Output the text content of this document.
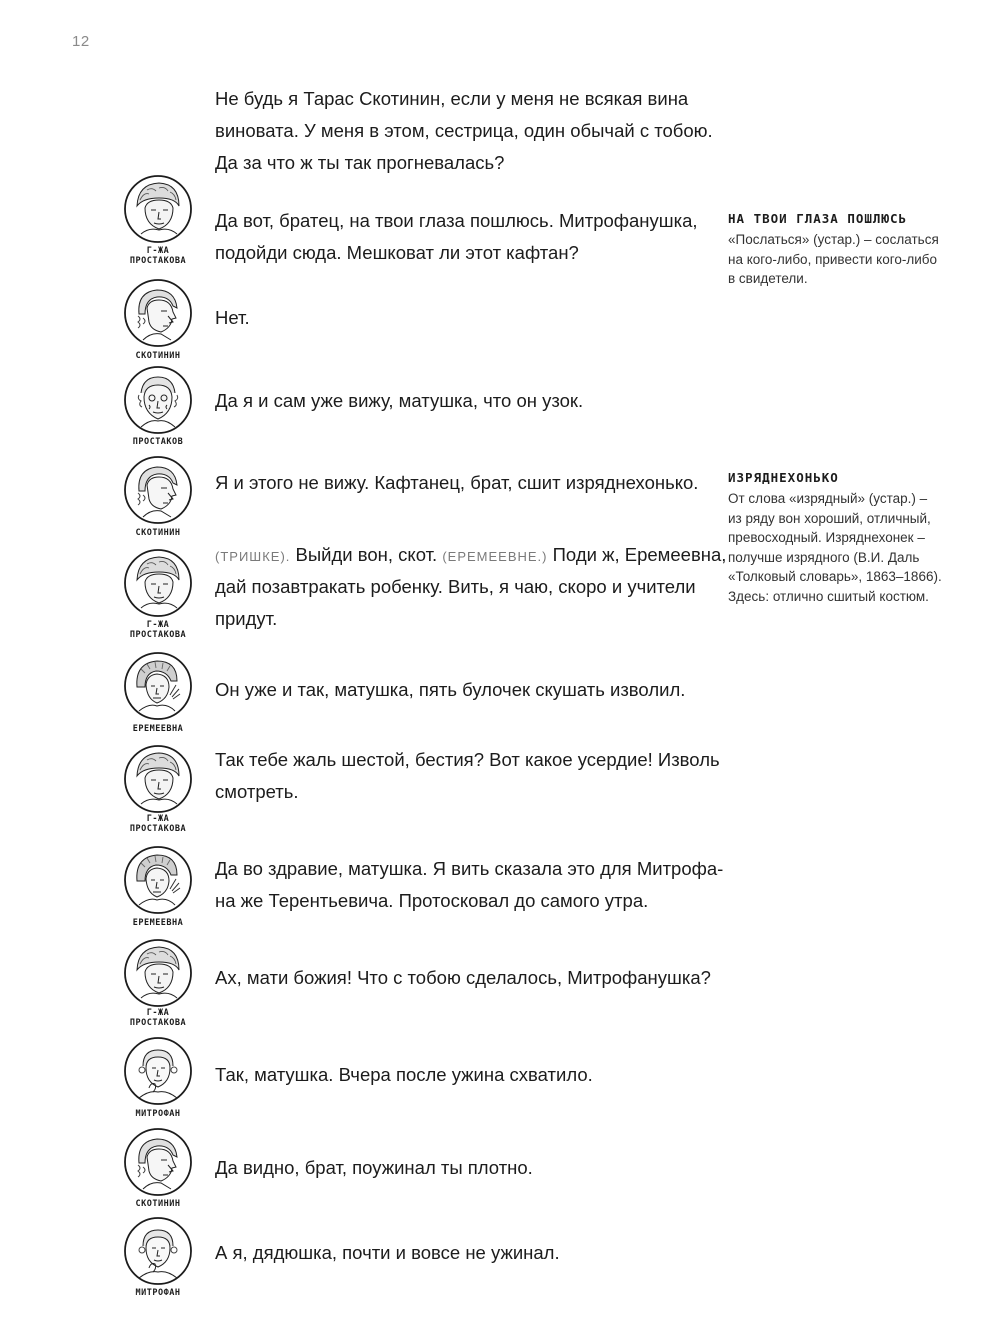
12
Не будь я Тарас Скотинин, если у меня не всякая вина
виновата. У меня в этом, сестрица, один обычай с тобою.
Да за что ж ты так прогневалась?
Г-ЖА
ПРОСТАКОВА
Да вот, братец, на твои глаза пошлюсь. Митрофанушка,
подойди сюда. Мешковат ли этот кафтан?
СКОТИНИН
Нет.
ПРОСТАКОВ
Да я и сам уже вижу, матушка, что он узок.
СКОТИНИН
Я и этого не вижу. Кафтанец, брат, сшит изряднехонько.
Г-ЖА
ПРОСТАКОВА
(ТРИШКЕ). Выйди вон, скот. (ЕРЕМЕЕВНЕ.) Поди ж, Еремеевна,
дай позавтракать робенку. Вить, я чаю, скоро и учители
придут.
ЕРЕМЕЕВНА
Он уже и так, матушка, пять булочек скушать изволил.
Г-ЖА
ПРОСТАКОВА
Так тебе жаль шестой, бестия? Вот какое усердие! Изволь
смотреть.
ЕРЕМЕЕВНА
Да во здравие, матушка. Я вить сказала это для Митрофа-
на же Терентьевича. Протосковал до самого утра.
Г-ЖА
ПРОСТАКОВА
Ах, мати божия! Что с тобою сделалось, Митрофанушка?
МИТРОФАН
Так, матушка. Вчера после ужина схватило.
СКОТИНИН
Да видно, брат, поужинал ты плотно.
МИТРОФАН
А я, дядюшка, почти и вовсе не ужинал.
НА ТВОИ ГЛАЗА ПОШЛЮСЬ
«Послаться» (устар.) – сослаться
на кого-либо, привести кого-либо
в свидетели.
ИЗРЯДНЕХОНЬКО
От слова «изрядный» (устар.) –
из ряду вон хороший, отличный,
превосходный. Изряднехонек –
получше изрядного (В.И. Даль
«Толковый словарь», 1863–1866).
Здесь: отлично сшитый костюм.
